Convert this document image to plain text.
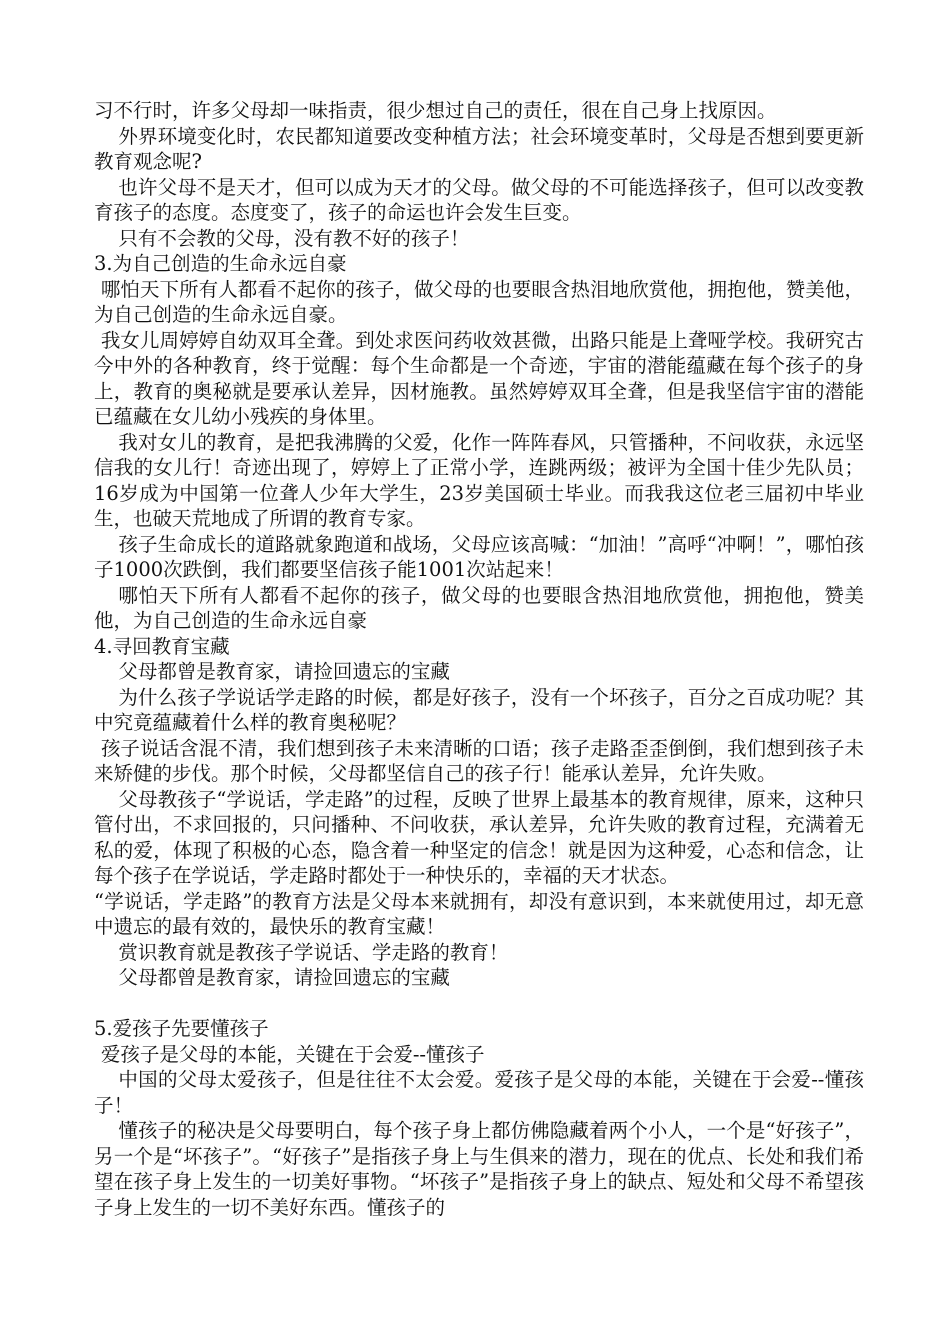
习不行时，许多父母却一味指责，很少想过自己的责任，很在自己身上找原因。

外界环境变化时，农民都知道要改变种植方法；社会环境变革时，父母是否想到要更新教育观念呢?

也许父母不是天才，但可以成为天才的父母。做父母的不可能选择孩子，但可以改变教育孩子的态度。态度变了，孩子的命运也许会发生巨变。

只有不会教的父母，没有教不好的孩子！

3.为自己创造的生命永远自豪

哪怕天下所有人都看不起你的孩子，做父母的也要眼含热泪地欣赏他，拥抱他，赞美他，为自己创造的生命永远自豪。

我女儿周婷婷自幼双耳全聋。到处求医问药收效甚微，出路只能是上聋哑学校。我研究古今中外的各种教育，终于觉醒：每个生命都是一个奇迹，宇宙的潜能蕴藏在每个孩子的身上，教育的奥秘就是要承认差异，因材施教。虽然婷婷双耳全聋，但是我坚信宇宙的潜能已蕴藏在女儿幼小残疾的身体里。

我对女儿的教育，是把我沸腾的父爱，化作一阵阵春风，只管播种，不问收获，永远坚信我的女儿行！奇迹出现了，婷婷上了正常小学，连跳两级；被评为全国十佳少先队员；16岁成为中国第一位聋人少年大学生，23岁美国硕士毕业。而我我这位老三届初中毕业生，也破天荒地成了所谓的教育专家。

孩子生命成长的道路就象跑道和战场，父母应该高喊：“加油！”高呼“冲啊！”，哪怕孩子1000次跌倒，我们都要坚信孩子能1001次站起来！

哪怕天下所有人都看不起你的孩子，做父母的也要眼含热泪地欣赏他，拥抱他，赞美他，为自己创造的生命永远自豪

4.寻回教育宝藏

父母都曾是教育家，请捡回遗忘的宝藏

为什么孩子学说话学走路的时候，都是好孩子，没有一个坏孩子，百分之百成功呢？其中究竟蕴藏着什么样的教育奥秘呢？

孩子说话含混不清，我们想到孩子未来清晰的口语；孩子走路歪歪倒倒，我们想到孩子未来矫健的步伐。那个时候，父母都坚信自己的孩子行！能承认差异，允许失败。

父母教孩子“学说话，学走路”的过程，反映了世界上最基本的教育规律，原来，这种只管付出，不求回报的，只问播种、不问收获，承认差异，允许失败的教育过程，充满着无私的爱，体现了积极的心态，隐含着一种坚定的信念！就是因为这种爱，心态和信念，让每个孩子在学说话，学走路时都处于一种快乐的，幸福的天才状态。

“学说话，学走路”的教育方法是父母本来就拥有，却没有意识到，本来就使用过，却无意中遗忘的最有效的，最快乐的教育宝藏！

赏识教育就是教孩子学说话、学走路的教育！

父母都曾是教育家，请捡回遗忘的宝藏

5.爱孩子先要懂孩子

爱孩子是父母的本能，关键在于会爱--懂孩子

中国的父母太爱孩子，但是往往不太会爱。爱孩子是父母的本能，关键在于会爱--懂孩子！

懂孩子的秘决是父母要明白，每个孩子身上都仿佛隐藏着两个小人，一个是“好孩子”，另一个是“坏孩子”。“好孩子”是指孩子身上与生俱来的潜力，现在的优点、长处和我们希望在孩子身上发生的一切美好事物。“坏孩子”是指孩子身上的缺点、短处和父母不希望孩子身上发生的一切不美好东西。懂孩子的
